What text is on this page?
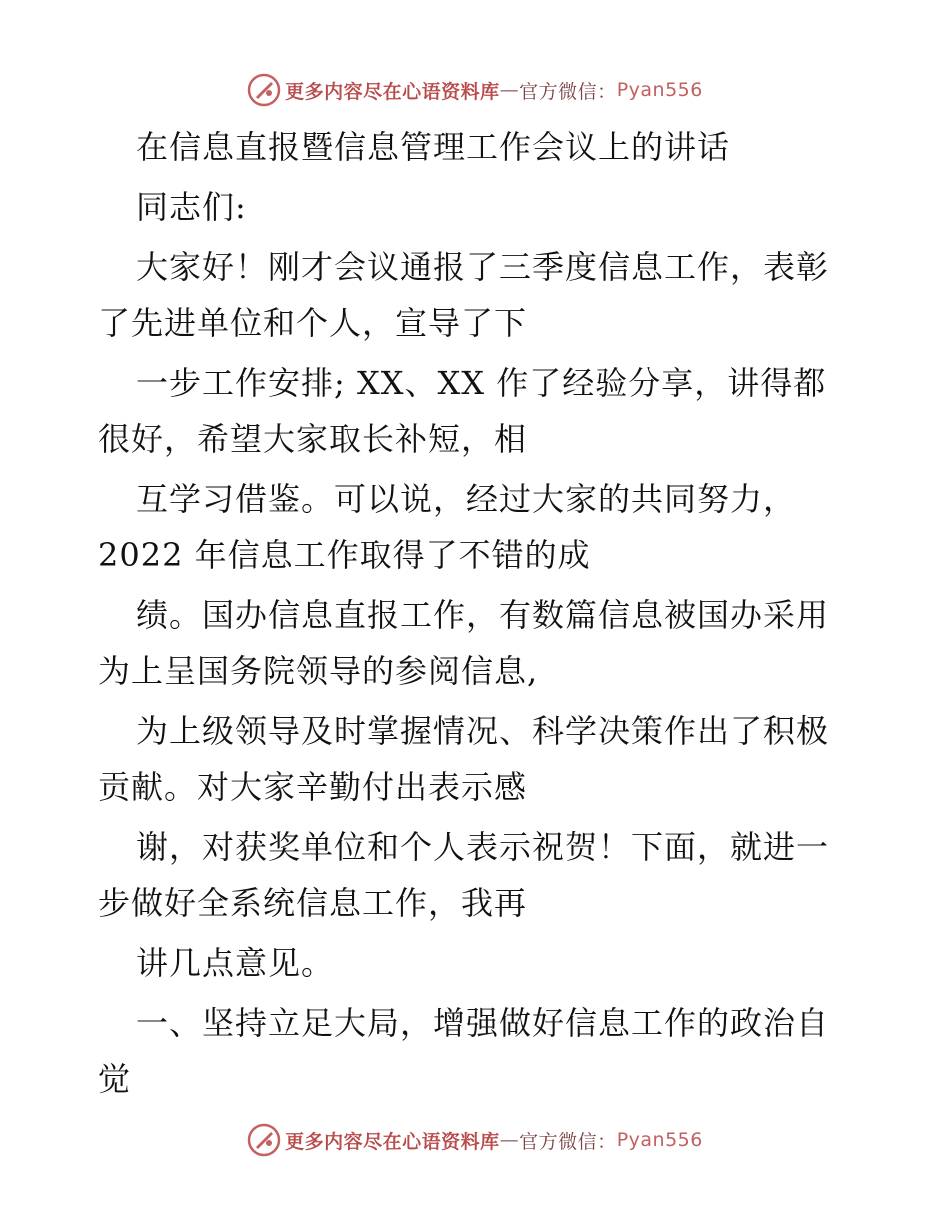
更多内容尽在心语资料库 — 官方微信 ： Pyan556
在信息直报暨信息管理工作会议上的讲话
同志们:
大家好！刚才会议通报了三季度信息工作，表彰
了先进单位和个人，宣导了下
一步工作安排; XX、XX 作了经验分享，讲得都
很好，希望大家取长补短，相
互学习借鉴。可以说，经过大家的共同努力，
2022 年信息工作取得了不错的成
绩。国办信息直报工作，有数篇信息被国办采用
为上呈国务院领导的参阅信息,
为上级领导及时掌握情况、科学决策作出了积极
贡献。对大家辛勤付出表示感
谢，对获奖单位和个人表示祝贺！下面，就进一
步做好全系统信息工作，我再
讲几点意见。
一、坚持立足大局，增强做好信息工作的政治自
觉
更多内容尽在心语资料库 — 官方微信 ： Pyan556
